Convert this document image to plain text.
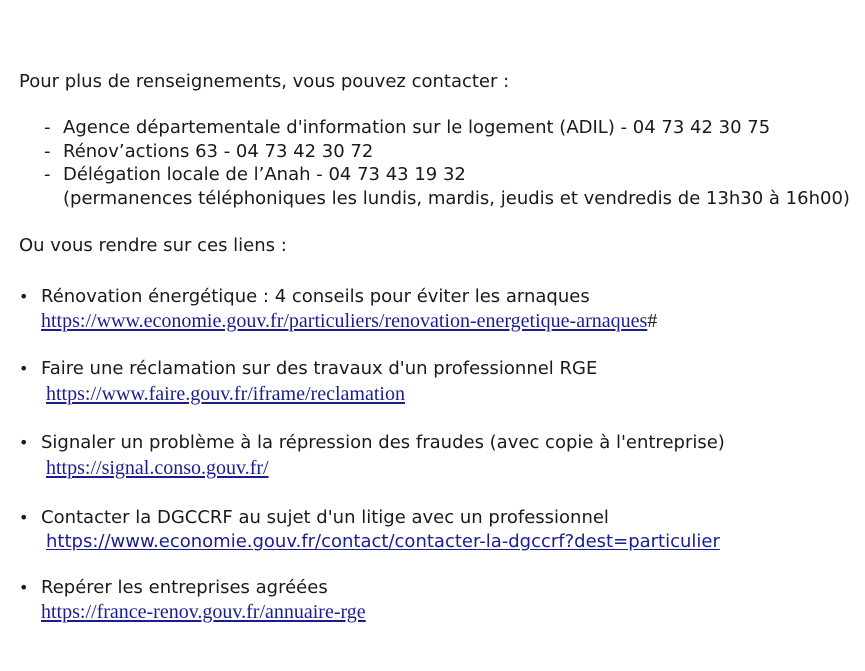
Pour plus de renseignements, vous pouvez contacter :
- Agence départementale d'information sur le logement (ADIL) - 04 73 42 30 75
- Rénov’actions 63 - 04 73 42 30 72
- Délégation locale de l’Anah - 04 73 43 19 32
(permanences téléphoniques les lundis, mardis, jeudis et vendredis de 13h30 à 16h00)
Ou vous rendre sur ces liens :
• Rénovation énergétique : 4 conseils pour éviter les arnaques
https://www.economie.gouv.fr/particuliers/renovation-energetique-arnaques#
• Faire une réclamation sur des travaux d'un professionnel RGE
https://www.faire.gouv.fr/iframe/reclamation
• Signaler un problème à la répression des fraudes (avec copie à l'entreprise)
https://signal.conso.gouv.fr/
• Contacter la DGCCRF au sujet d'un litige avec un professionnel
https://www.economie.gouv.fr/contact/contacter-la-dgccrf?dest=particulier
• Repérer les entreprises agréées
https://france-renov.gouv.fr/annuaire-rge
